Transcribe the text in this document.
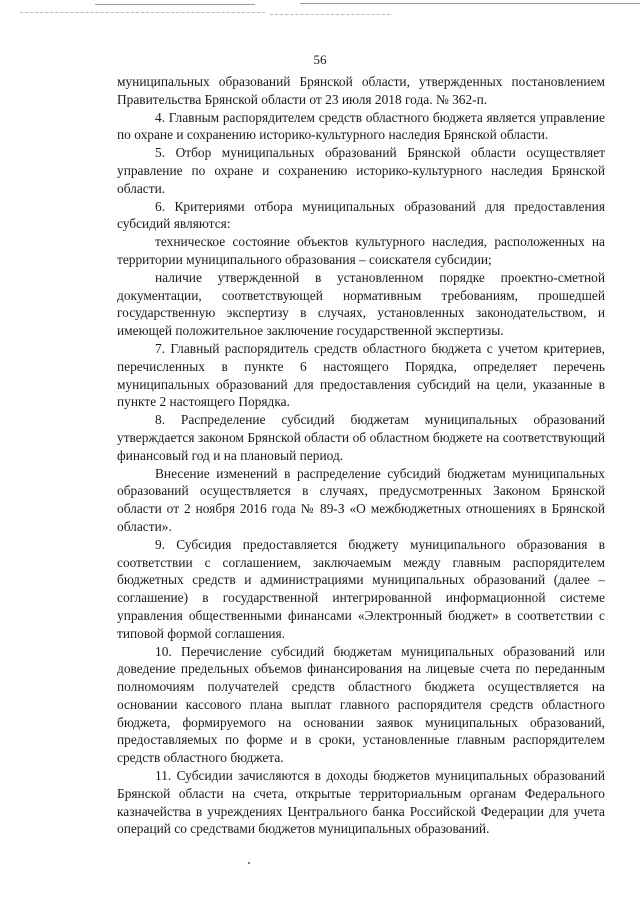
56

муниципальных образований Брянской области, утвержденных постановлением Правительства Брянской области от 23 июля 2018 года. № 362-п.

4. Главным распорядителем средств областного бюджета является управление по охране и сохранению историко-культурного наследия Брянской области.

5. Отбор муниципальных образований Брянской области осуществляет управление по охране и сохранению историко-культурного наследия Брянской области.

6. Критериями отбора муниципальных образований для предоставления субсидий являются:

техническое состояние объектов культурного наследия, расположенных на территории муниципального образования – соискателя субсидии;

наличие утвержденной в установленном порядке проектно-сметной документации, соответствующей нормативным требованиям, прошедшей государственную экспертизу в случаях, установленных законодательством, и имеющей положительное заключение государственной экспертизы.

7. Главный распорядитель средств областного бюджета с учетом критериев, перечисленных в пункте 6 настоящего Порядка, определяет перечень муниципальных образований для предоставления субсидий на цели, указанные в пункте 2 настоящего Порядка.

8. Распределение субсидий бюджетам муниципальных образований утверждается законом Брянской области об областном бюджете на соответствующий финансовый год и на плановый период.

Внесение изменений в распределение субсидий бюджетам муниципальных образований осуществляется в случаях, предусмотренных Законом Брянской области от 2 ноября 2016 года № 89-З «О межбюджетных отношениях в Брянской области».

9. Субсидия предоставляется бюджету муниципального образования в соответствии с соглашением, заключаемым между главным распорядителем бюджетных средств и администрациями муниципальных образований (далее – соглашение) в государственной интегрированной информационной системе управления общественными финансами «Электронный бюджет» в соответствии с типовой формой соглашения.

10. Перечисление субсидий бюджетам муниципальных образований или доведение предельных объемов финансирования на лицевые счета по переданным полномочиям получателей средств областного бюджета осуществляется на основании кассового плана выплат главного распорядителя средств областного бюджета, формируемого на основании заявок муниципальных образований, предоставляемых по форме и в сроки, установленные главным распорядителем средств областного бюджета.

11. Субсидии зачисляются в доходы бюджетов муниципальных образований Брянской области на счета, открытые территориальным органам Федерального казначейства в учреждениях Центрального банка Российской Федерации для учета операций со средствами бюджетов муниципальных образований.
